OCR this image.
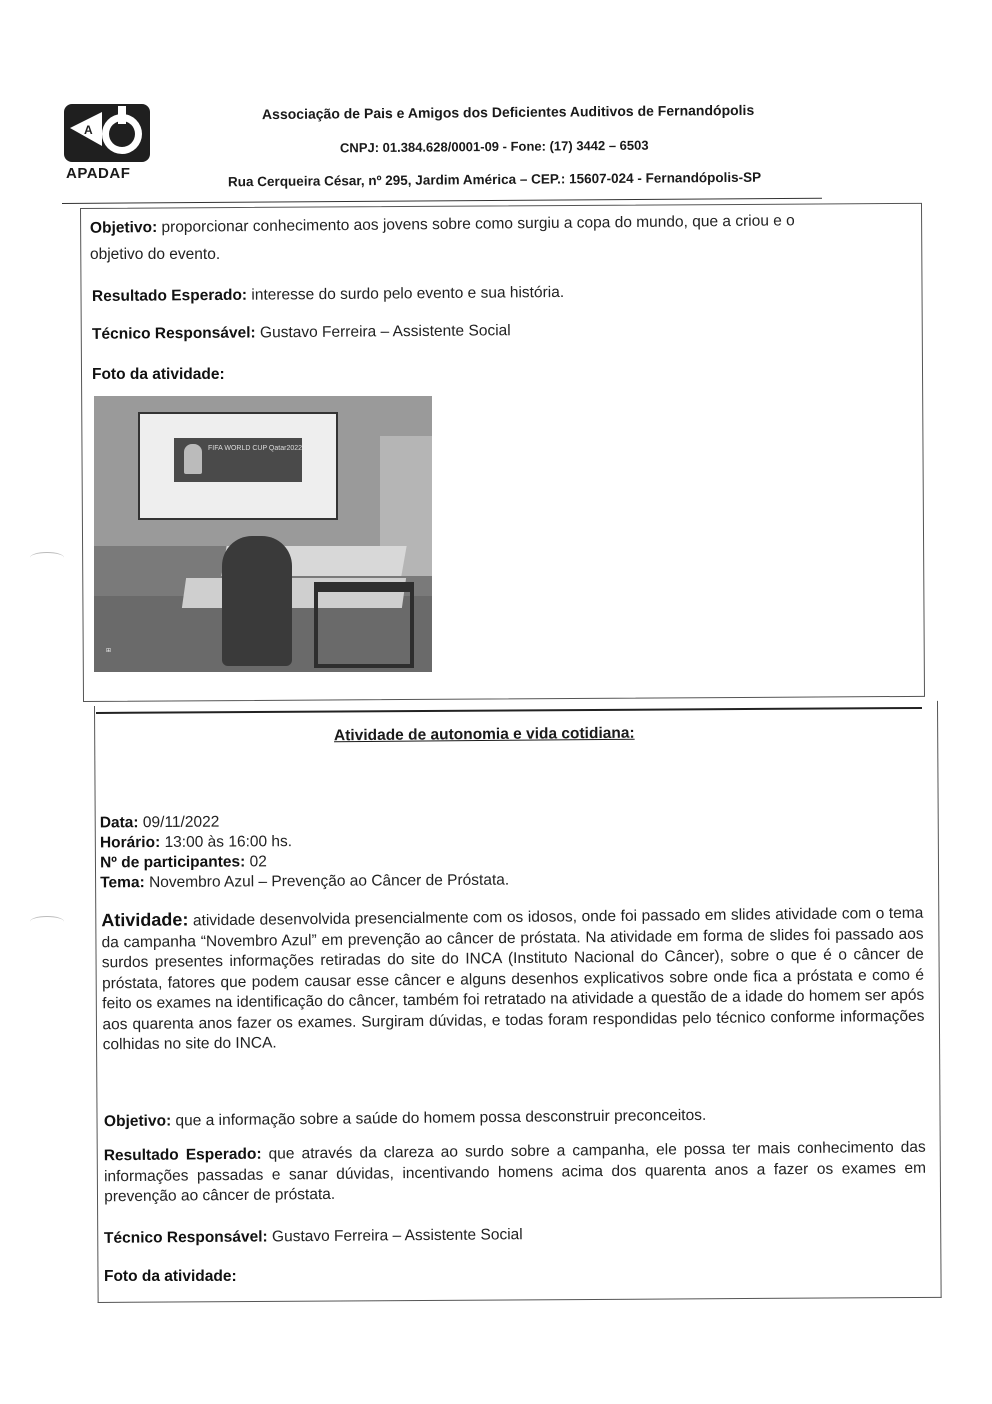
A
APADAF
Associação de Pais e Amigos dos Deficientes Auditivos de Fernandópolis
CNPJ: 01.384.628/0001-09 - Fone: (17) 3442 – 6503
Rua Cerqueira César, nº 295, Jardim América – CEP.: 15607-024 - Fernandópolis-SP
Objetivo: proporcionar conhecimento aos jovens sobre como surgiu a copa do mundo, que a criou e o
objetivo do evento.
Resultado Esperado: interesse do surdo pelo evento e sua história.
Técnico Responsável: Gustavo Ferreira – Assistente Social
Foto da atividade:
FIFA WORLD CUP Qatar2022
⊞
Atividade de autonomia e vida cotidiana:
Data: 09/11/2022
Horário: 13:00 às 16:00 hs.
Nº de participantes: 02
Tema: Novembro Azul – Prevenção ao Câncer de Próstata.
Atividade: atividade desenvolvida presencialmente com os idosos, onde foi passado em slides atividade com o tema da campanha “Novembro Azul” em prevenção ao câncer de próstata. Na atividade em forma de slides foi passado aos surdos presentes informações retiradas do site do INCA (Instituto Nacional do Câncer), sobre o que é o câncer de próstata, fatores que podem causar esse câncer e alguns desenhos explicativos sobre onde fica a próstata e como é feito os exames na identificação do câncer, também foi retratado na atividade a questão de a idade do homem ser após aos quarenta anos fazer os exames. Surgiram dúvidas, e todas foram respondidas pelo técnico conforme informações colhidas no site do INCA.
Objetivo: que a informação sobre a saúde do homem possa desconstruir preconceitos.
Resultado Esperado: que através da clareza ao surdo sobre a campanha, ele possa ter mais conhecimento das informações passadas e sanar dúvidas, incentivando homens acima dos quarenta anos a fazer os exames em prevenção ao câncer de próstata.
Técnico Responsável: Gustavo Ferreira – Assistente Social
Foto da atividade:
